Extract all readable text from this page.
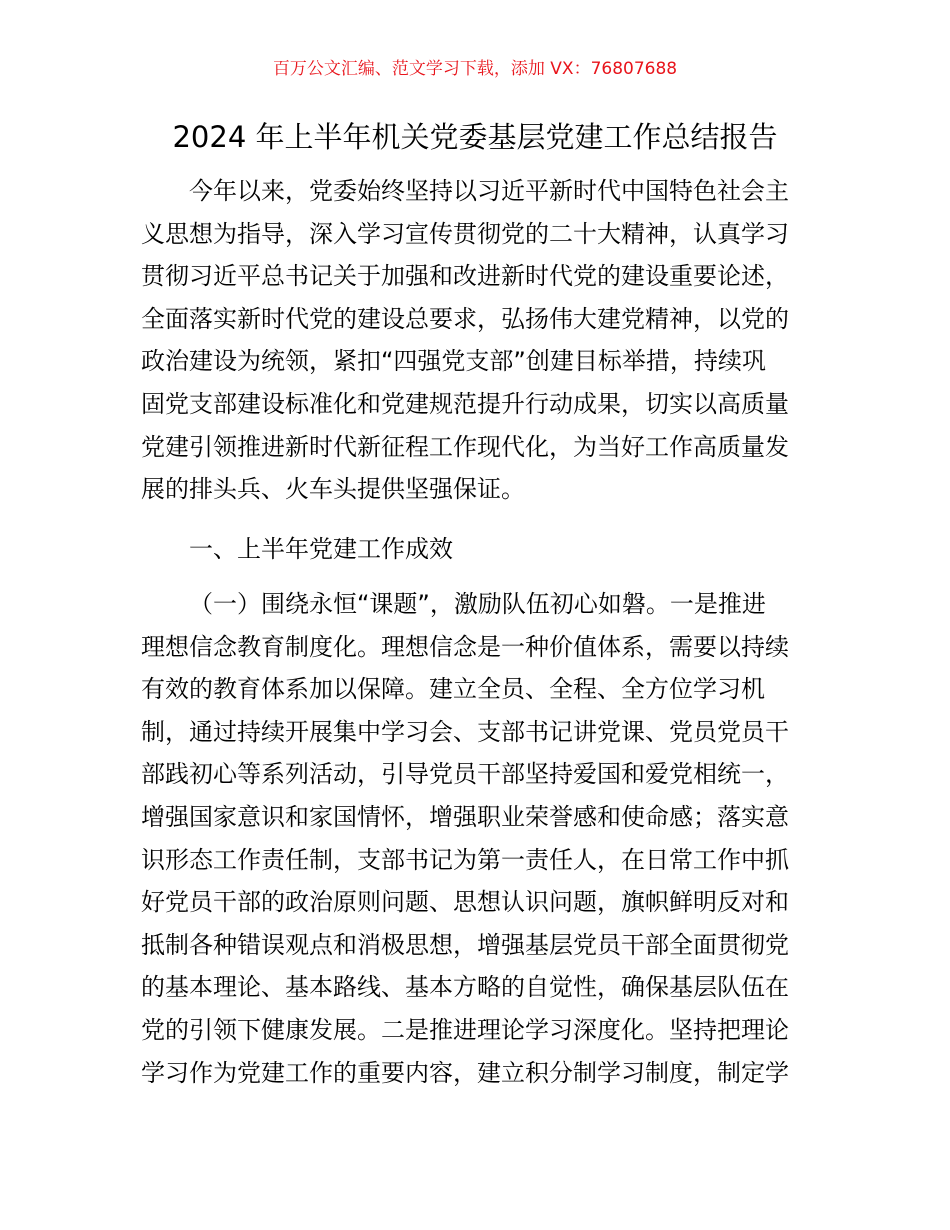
百万公文汇编、范文学习下载，添加 VX：76807688
2024 年上半年机关党委基层党建工作总结报告
今年以来，党委始终坚持以习近平新时代中国特色社会主
义思想为指导，深入学习宣传贯彻党的二十大精神，认真学习
贯彻习近平总书记关于加强和改进新时代党的建设重要论述，
全面落实新时代党的建设总要求，弘扬伟大建党精神，以党的
政治建设为统领，紧扣“四强党支部”创建目标举措，持续巩
固党支部建设标准化和党建规范提升行动成果，切实以高质量
党建引领推进新时代新征程工作现代化，为当好工作高质量发
展的排头兵、火车头提供坚强保证。
一、上半年党建工作成效
（一）围绕永恒“课题”，激励队伍初心如磐。一是推进
理想信念教育制度化。理想信念是一种价值体系，需要以持续
有效的教育体系加以保障。建立全员、全程、全方位学习机
制，通过持续开展集中学习会、支部书记讲党课、党员党员干
部践初心等系列活动，引导党员干部坚持爱国和爱党相统一，
增强国家意识和家国情怀，增强职业荣誉感和使命感；落实意
识形态工作责任制，支部书记为第一责任人，在日常工作中抓
好党员干部的政治原则问题、思想认识问题，旗帜鲜明反对和
抵制各种错误观点和消极思想，增强基层党员干部全面贯彻党
的基本理论、基本路线、基本方略的自觉性，确保基层队伍在
党的引领下健康发展。二是推进理论学习深度化。坚持把理论
学习作为党建工作的重要内容，建立积分制学习制度，制定学
